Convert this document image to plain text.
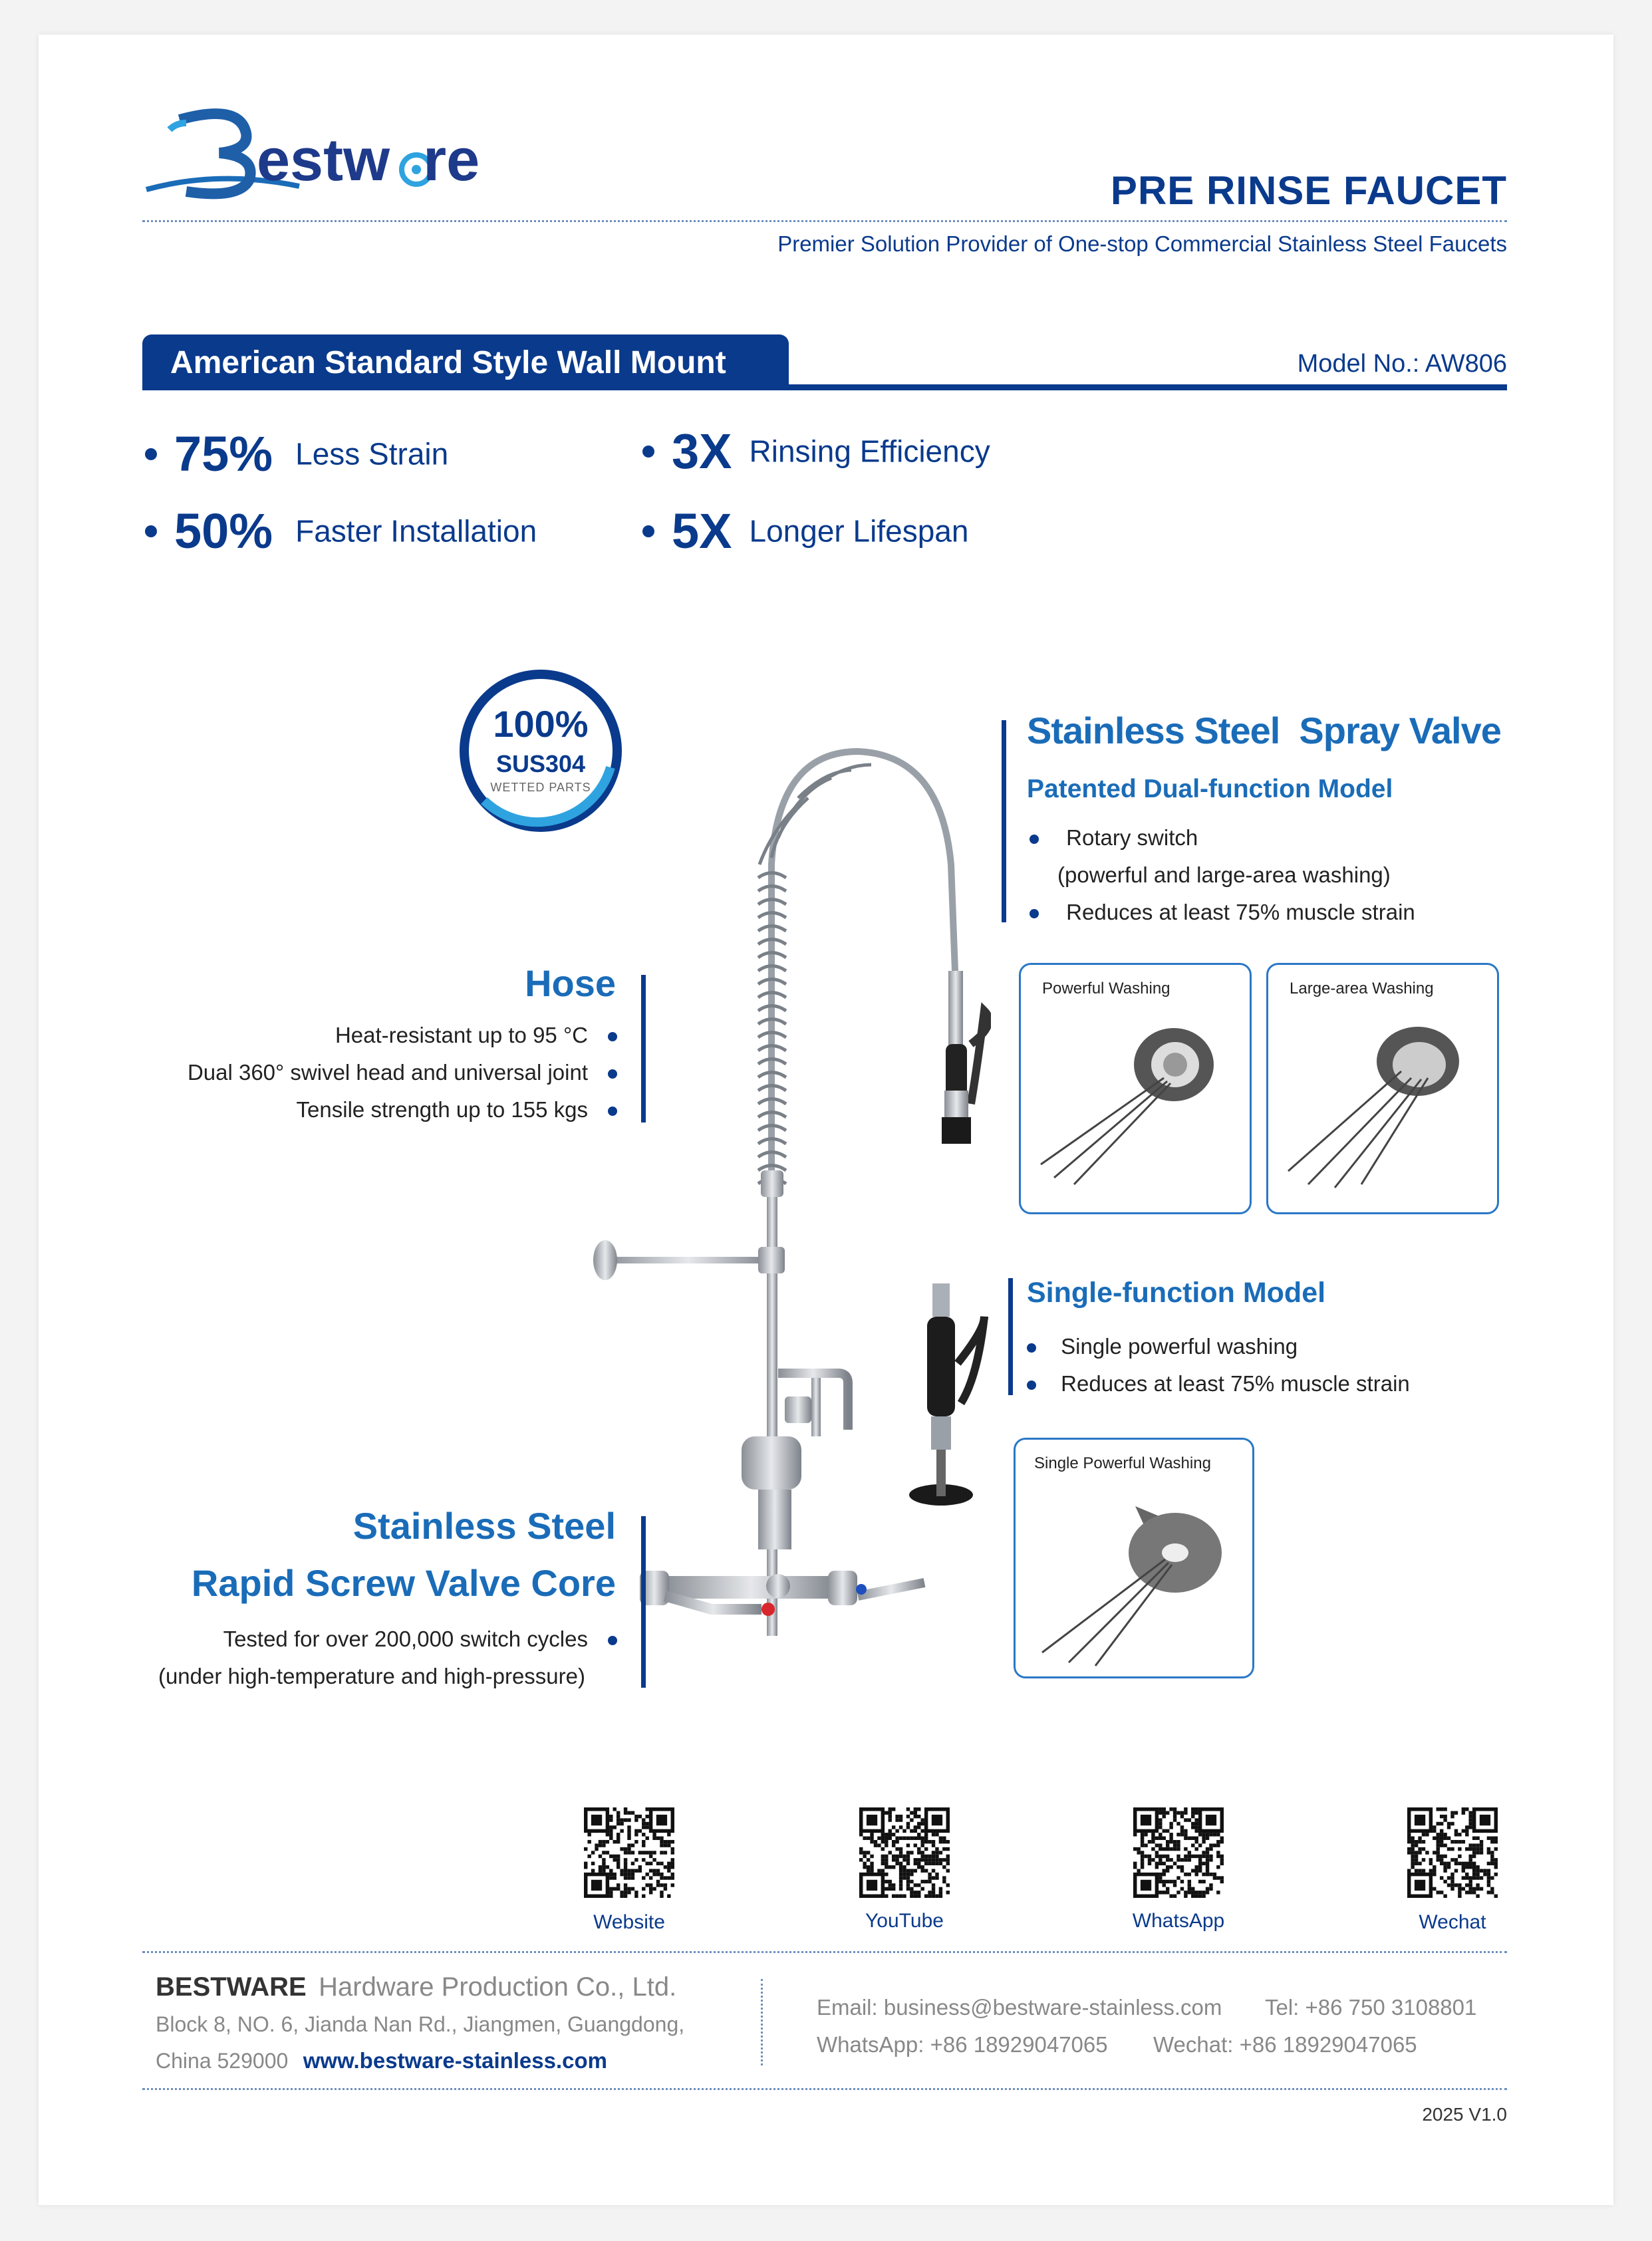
estw re	PRE RINSE FAUCET
Premier Solution Provider of One-stop Commercial Stainless Steel Faucets
American Standard Style Wall Mount	Model No.: AW806
75% Less Strain
50% Faster Installation
3X Rinsing Efficiency
5X Longer Lifespan
100%
SUS304
WETTED PARTS
Stainless Steel  Spray Valve
Patented Dual-function Model
Rotary switch
(powerful and large-area washing)
Reduces at least 75% muscle strain
Powerful Washing	Large-area Washing
Hose
Heat-resistant up to 95 °C
Dual 360° swivel head and universal joint
Tensile strength up to 155 kgs
Single-function Model
Single powerful washing
Reduces at least 75% muscle strain
Single Powerful Washing
Stainless Steel
Rapid Screw Valve Core
Tested for over 200,000 switch cycles
(under high-temperature and high-pressure)
Website	YouTube	WhatsApp	Wechat
BESTWARE Hardware Production Co., Ltd.
Block 8, NO. 6, Jianda Nan Rd., Jiangmen, Guangdong,
China 529000 www.bestware-stainless.com
Email: business@bestware-stainless.com Tel: +86 750 3108801
WhatsApp: +86 18929047065 Wechat: +86 18929047065
2025 V1.0
